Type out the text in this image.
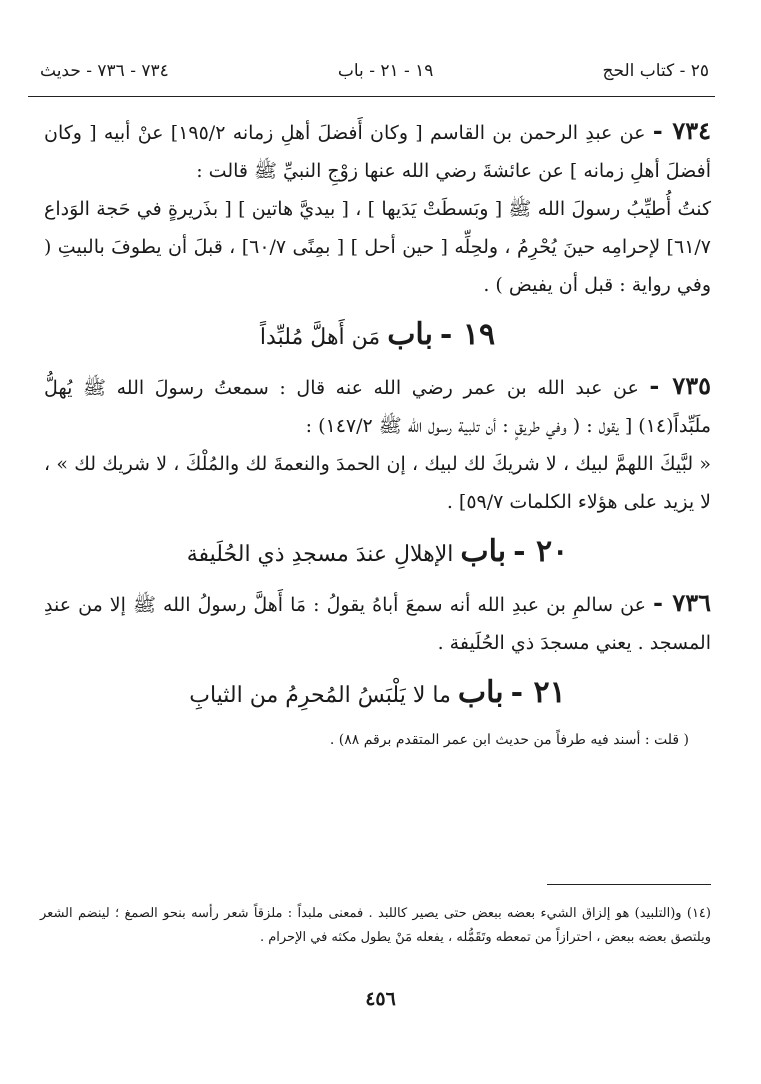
٢٥ - كتاب الحج
١٩ - ٢١ - باب
٧٣٤ - ٧٣٦ - حديث

٧٣٤ - عن عبدِ الرحمن بن القاسم [ وكان أَفضلَ أهلِ زمانه ١٩٥/٢] عنْ أبيه [ وكان أفضلَ أهلِ زمانه ] عن عائشةَ رضي الله عنها زوْجِ النبيِّ ﷺ قالت :

كنتُ أُطيِّبُ رسولَ الله ﷺ [ وبَسطَتْ يَدَيها ] ، [ بيديَّ هاتين ] [ بذَريرةٍ في حَجة الوَداع ٦١/٧] لإحرامِه حينَ يُحْرِمُ ، ولحِلِّه [ حين أحل ] [ بمِنًى ٦٠/٧] ، قبلَ أن يطوفَ بالبيتِ ( وفي رواية : قبل أن يفيض ) .

١٩ - باب مَن أَهلَّ مُلبِّداً

٧٣٥ - عن عبد الله بن عمر رضي الله عنه قال : سمعتُ رسولَ الله ﷺ يُهلُّ ملَبِّداً(١٤) [ يقول : ( وفي طريقٍ : أن تلبية رسول الله ﷺ ١٤٧/٢) :

« لبَّيكَ اللهمَّ لبيك ، لا شريكَ لك لبيك ، إن الحمدَ والنعمةَ لك والمُلْكَ ، لا شريك لك » ، لا يزيد على هؤلاء الكلمات ٥٩/٧] .

٢٠ - باب الإهلالِ عندَ مسجدِ ذي الحُلَيفة

٧٣٦ - عن سالمِ بن عبدِ الله أنه سمعَ أباهُ يقولُ : مَا أَهلَّ رسولُ الله ﷺ إلا من عندِ المسجد . يعني مسجدَ ذي الحُلَيفة .

٢١ - باب ما لا يَلْبَسُ المُحرِمُ من الثيابِ

( قلت : أسند فيه طرفاً من حديث ابن عمر المتقدم برقم ٨٨) .

(١٤) و(التلبيد) هو إلزاق الشيء بعضه ببعض حتى يصير كاللبد . فمعنى ملبداً : ملزقاً شعر رأسه بنحو الصمغ ؛ لينضم الشعر ويلتصق بعضه ببعض ، احترازاً من تمعطه وتَقَمُّله ، يفعله مَنْ يطول مكثه في الإحرام .
٤٥٦
